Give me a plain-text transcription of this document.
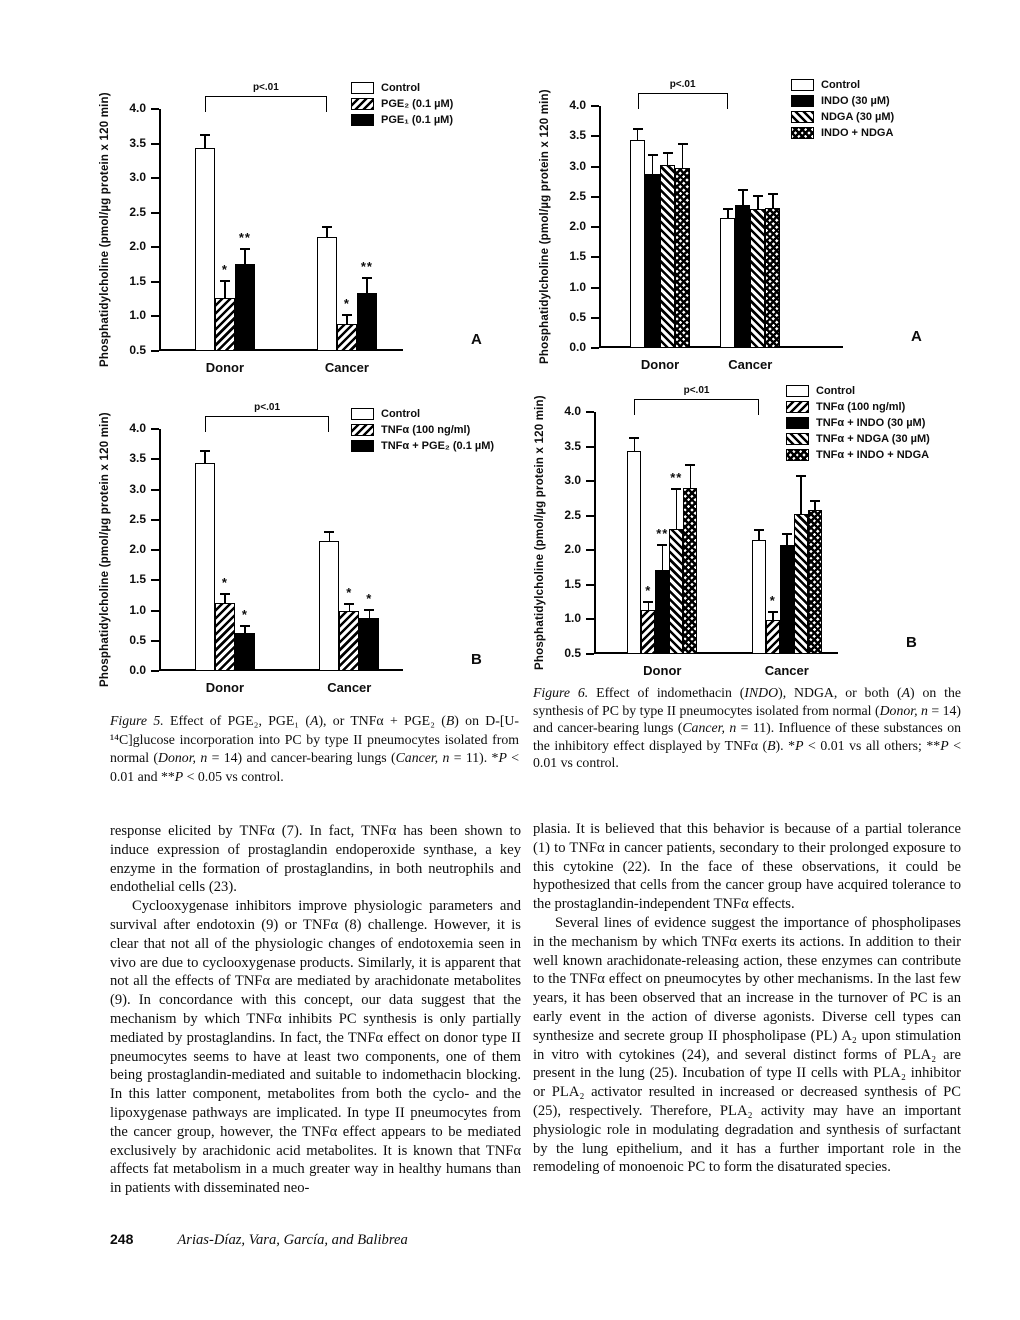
Phosphatidylcholine (pmol/µg protein x 120 min)	4.0
3.5
3.0
2.5
2.0
1.5
1.0
0.5
*
**
Donor
*
**
Cancer
p<.01	Control
PGE₂ (0.1 µM)
PGE₁ (0.1 µM)
A	Phosphatidylcholine (pmol/µg protein x 120 min)	4.0
3.5
3.0
2.5
2.0
1.5
1.0
0.5
0.0
Donor	Cancer
p<.01	Control
INDO (30 µM)
NDGA (30 µM)
INDO + NDGA
A
Phosphatidylcholine (pmol/µg protein x 120 min)	4.0
3.5
3.0
2.5
2.0
1.5
1.0
0.5
0.0
*
*
Donor
*	*
Cancer
p<.01	Control
TNFα (100 ng/ml)
TNFα + PGE₂ (0.1 µM)
B	Phosphatidylcholine (pmol/µg protein x 120 min)	4.0
3.5
3.0
2.5
2.0
1.5
1.0
0.5
*
**
**
Donor
*
Cancer
p<.01	Control
TNFα (100 ng/ml)
TNFα + INDO (30 µM)
TNFα + NDGA (30 µM)
TNFα + INDO + NDGA
B
Figure 5. Effect of PGE₂, PGE₁ (A), or TNFα + PGE₂ (B) on D-[U-¹⁴C]glucose incorporation into PC by type II pneumocytes isolated from normal (Donor, n = 14) and cancer-bearing lungs (Cancer, n = 11). *P < 0.01 and **P < 0.05 vs control.
Figure 6. Effect of indomethacin (INDO), NDGA, or both (A) on the synthesis of PC by type II pneumocytes isolated from normal (Donor, n = 14) and cancer-bearing lungs (Cancer, n = 11). Influence of these substances on the inhibitory effect displayed by TNFα (B). *P < 0.01 vs all others; **P < 0.01 vs control.

response elicited by TNFα (7). In fact, TNFα has been shown to induce expression of prostaglandin endoperoxide synthase, a key enzyme in the formation of prostaglandins, in both neutrophils and endothelial cells (23).

Cyclooxygenase inhibitors improve physiologic parameters and survival after endotoxin (9) or TNFα (8) challenge. However, it is clear that not all of the physiologic changes of endotoxemia seen in vivo are due to cyclooxygenase products. Similarly, it is apparent that not all the effects of TNFα are mediated by arachidonate metabolites (9). In concordance with this concept, our data suggest that the mechanism by which TNFα inhibits PC synthesis is only partially mediated by prostaglandins. In fact, the TNFα effect on donor type II pneumocytes seems to have at least two components, one of them being prostaglandin-mediated and suitable to indomethacin blocking. In this latter component, metabolites from both the cyclo- and the lipoxygenase pathways are implicated. In type II pneumocytes from the cancer group, however, the TNFα effect appears to be mediated exclusively by arachidonic acid metabolites. It is known that TNFα affects fat metabolism in a much greater way in healthy humans than in patients with disseminated neo-

plasia. It is believed that this behavior is because of a partial tolerance (1) to TNFα in cancer patients, secondary to their prolonged exposure to this cytokine (22). In the face of these observations, it could be hypothesized that cells from the cancer group have acquired tolerance to the prostaglandin-independent TNFα effects.

Several lines of evidence suggest the importance of phospholipases in the mechanism by which TNFα exerts its actions. In addition to their well known arachidonate-releasing action, these enzymes can contribute to the TNFα effect on pneumocytes by other mechanisms. In the last few years, it has been observed that an increase in the turnover of PC is an early event in the action of diverse agonists. Diverse cell types can synthesize and secrete group II phospholipase (PL) A₂ upon stimulation in vitro with cytokines (24), and several distinct forms of PLA₂ are present in the lung (25). Incubation of type II cells with PLA₂ inhibitor or PLA₂ activator resulted in increased or decreased synthesis of PC (25), respectively. Therefore, PLA₂ activity may have an important physiologic role in modulating degradation and synthesis of surfactant by the lung epithelium, and it has a further important role in the remodeling of monoenoic PC to form the disaturated species.

248	Arias-Díaz, Vara, García, and Balibrea
